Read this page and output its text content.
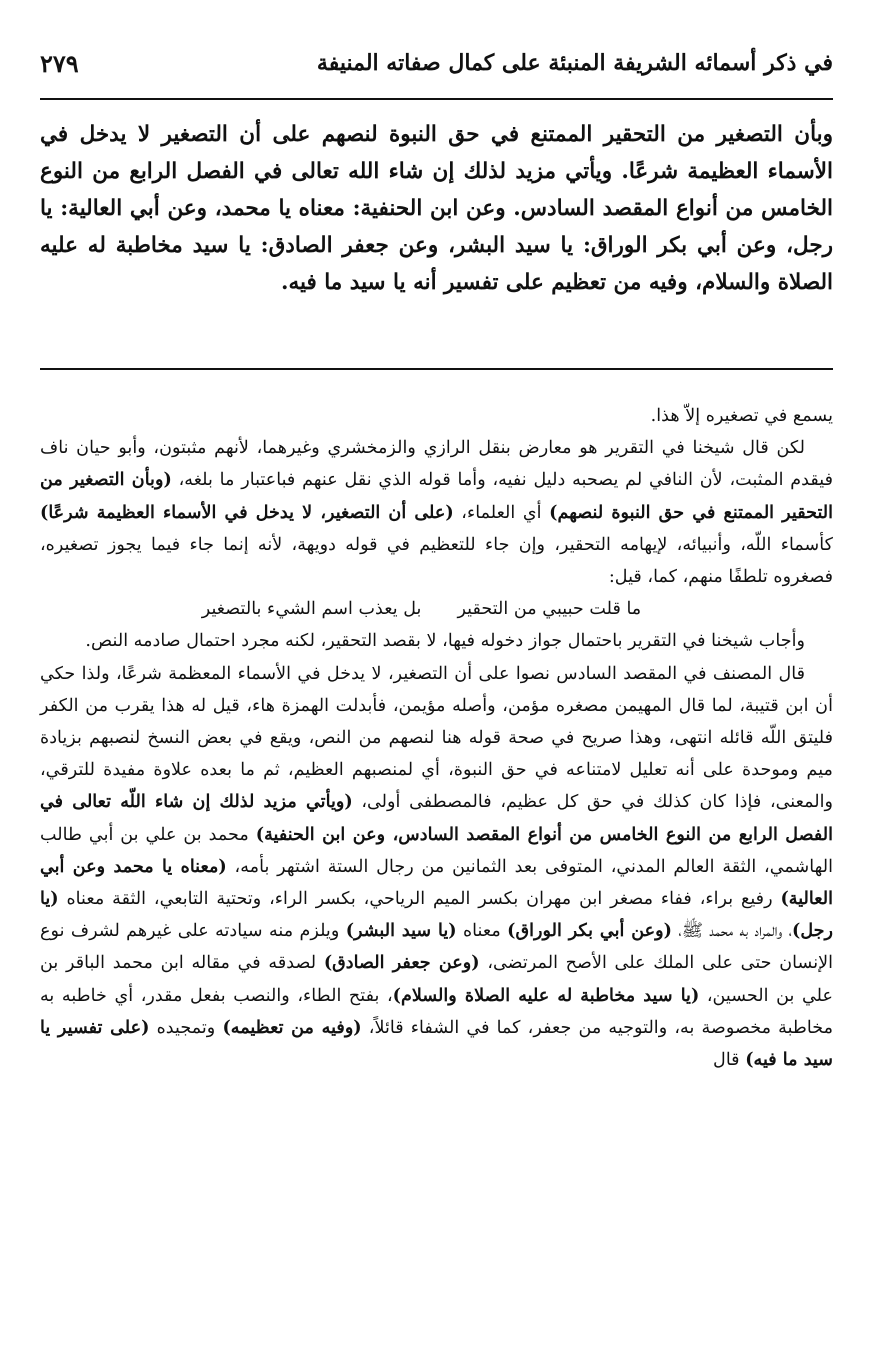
في ذكر أسمائه الشريفة المنبئة على كمال صفاته المنيفة
٢٧٩

وبأن التصغير من التحقير الممتنع في حق النبوة لنصهم على أن التصغير لا يدخل في الأسماء العظيمة شرعًا. ويأتي مزيد لذلك إن شاء الله تعالى في الفصل الرابع من النوع الخامس من أنواع المقصد السادس. وعن ابن الحنفية: معناه يا محمد، وعن أبي العالية: يا رجل، وعن أبي بكر الوراق: يا سيد البشر، وعن جعفر الصادق: يا سيد مخاطبة له عليه الصلاة والسلام، وفيه من تعظيم على تفسير أنه يا سيد ما فيه.

يسمع في تصغيره إلاّ هذا.

لكن قال شيخنا في التقرير هو معارض بنقل الرازي والزمخشري وغيرهما، لأنهم مثبتون، وأبو حيان ناف فيقدم المثبت، لأن النافي لم يصحبه دليل نفيه، وأما قوله الذي نقل عنهم فباعتبار ما بلغه، (وبأن التصغير من التحقير الممتنع في حق النبوة لنصهم) أي العلماء، (على أن التصغير، لا يدخل في الأسماء العظيمة شرعًا) كأسماء اللّه، وأنبيائه، لإيهامه التحقير، وإن جاء للتعظيم في قوله دويهة، لأنه إنما جاء فيما يجوز تصغيره، فصغروه تلطفًا منهم، كما، قيل:

ما قلت حبيبي من التحقير
بل يعذب اسم الشيء بالتصغير

وأجاب شيخنا في التقرير باحتمال جواز دخوله فيها، لا بقصد التحقير، لكنه مجرد احتمال صادمه النص.

قال المصنف في المقصد السادس نصوا على أن التصغير، لا يدخل في الأسماء المعظمة شرعًا، ولذا حكي أن ابن قتيبة، لما قال المهيمن مصغره مؤمن، وأصله مؤيمن، فأبدلت الهمزة هاء، قيل له هذا يقرب من الكفر فليتق اللّه قائله انتهى، وهذا صريح في صحة قوله هنا لنصهم من النص، ويقع في بعض النسخ لنصبهم بزيادة ميم وموحدة على أنه تعليل لامتناعه في حق النبوة، أي لمنصبهم العظيم، ثم ما بعده علاوة مفيدة للترقي، والمعنى، فإذا كان كذلك في حق كل عظيم، فالمصطفى أولى، (ويأتي مزيد لذلك إن شاء اللّه تعالى في الفصل الرابع من النوع الخامس من أنواع المقصد السادس، وعن ابن الحنفية) محمد بن علي بن أبي طالب الهاشمي، الثقة العالم المدني، المتوفى بعد الثمانين من رجال الستة اشتهر بأمه، (معناه يا محمد وعن أبي العالية) رفيع براء، ففاء مصغر ابن مهران بكسر الميم الرياحي، بكسر الراء، وتحتية التابعي، الثقة معناه (يا رجل)، والمراد به محمد ﷺ، (وعن أبي بكر الوراق) معناه (يا سيد البشر) ويلزم منه سيادته على غيرهم لشرف نوع الإنسان حتى على الملك على الأصح المرتضى، (وعن جعفر الصادق) لصدقه في مقاله ابن محمد الباقر بن علي بن الحسين، (يا سيد مخاطبة له عليه الصلاة والسلام)، بفتح الطاء، والنصب بفعل مقدر، أي خاطبه به مخاطبة مخصوصة به، والتوجيه من جعفر، كما في الشفاء قائلاً، (وفيه من تعظيمه) وتمجيده (على تفسير يا سيد ما فيه) قال
